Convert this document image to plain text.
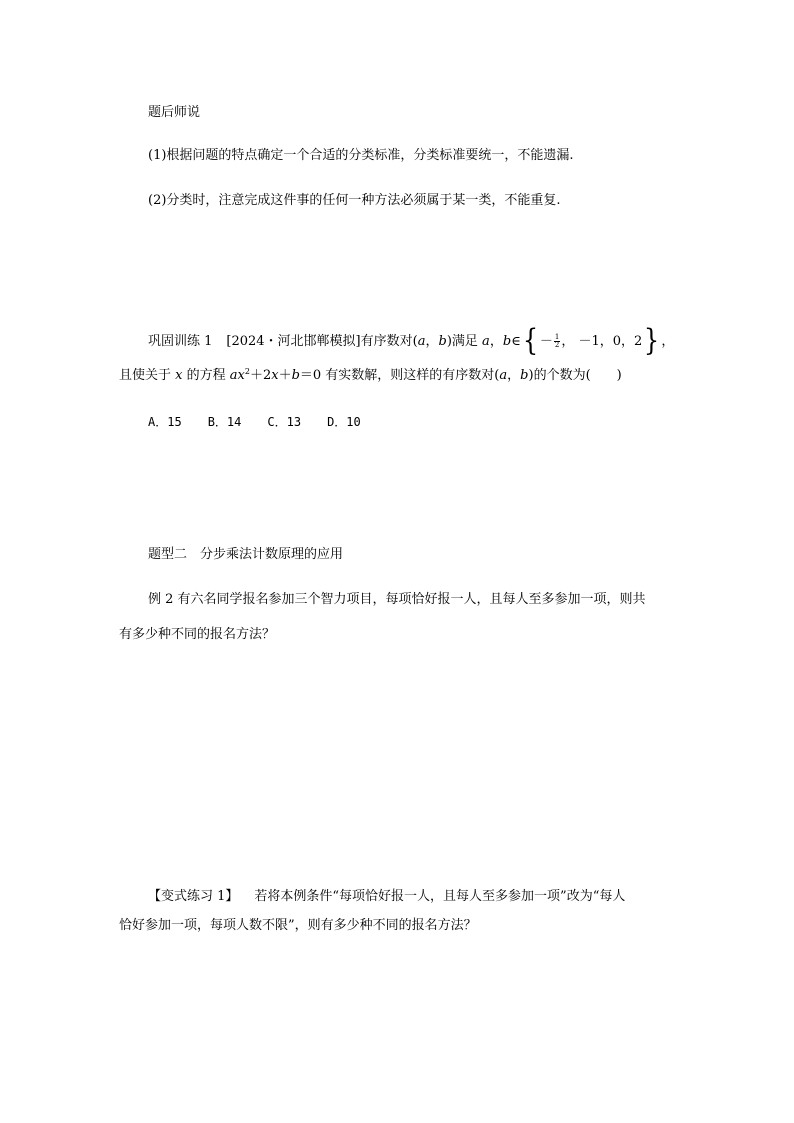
题后师说
(1)根据问题的特点确定一个合适的分类标准，分类标准要统一，不能遗漏.
(2)分类时，注意完成这件事的任何一种方法必须属于某一类，不能重复.
巩固训练 1 [2024・河北邯郸模拟]有序数对(a，b)满足 a，b∈{ － $\frac{1}{2}$ ， －1，0，2} ，
且使关于 x 的方程 $ax^2+2x+b=0$ 有实数解，则这样的有序数对(a，b)的个数为(　　)
A．15 B．14 C．13 D．10
题型二　分步乘法计数原理的应用
例 2 有六名同学报名参加三个智力项目，每项恰好报一人，且每人至多参加一项，则共
有多少种不同的报名方法？
【变式练习 1】 若将本例条件“每项恰好报一人，且每人至多参加一项”改为“每人
恰好参加一项，每项人数不限”，则有多少种不同的报名方法？
